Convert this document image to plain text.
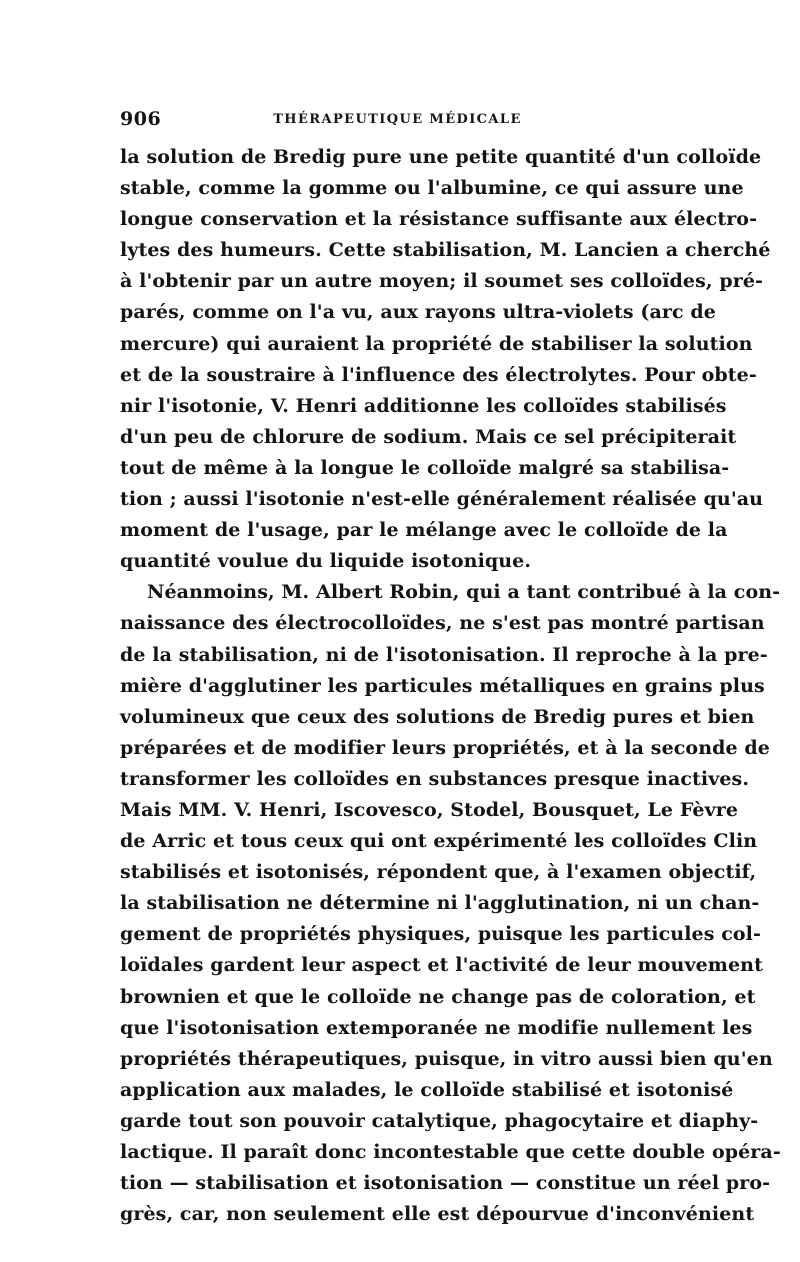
906	THÉRAPEUTIQUE MÉDICALE
la solution de Bredig pure une petite quantité d'un colloïde
stable, comme la gomme ou l'albumine, ce qui assure une
longue conservation et la résistance suffisante aux électro-
lytes des humeurs. Cette stabilisation, M. Lancien a cherché
à l'obtenir par un autre moyen; il soumet ses colloïdes, pré-
parés, comme on l'a vu, aux rayons ultra-violets (arc de
mercure) qui auraient la propriété de stabiliser la solution
et de la soustraire à l'influence des électrolytes. Pour obte-
nir l'isotonie, V. Henri additionne les colloïdes stabilisés
d'un peu de chlorure de sodium. Mais ce sel précipiterait
tout de même à la longue le colloïde malgré sa stabilisa-
tion ; aussi l'isotonie n'est-elle généralement réalisée qu'au
moment de l'usage, par le mélange avec le colloïde de la
quantité voulue du liquide isotonique.
Néanmoins, M. Albert Robin, qui a tant contribué à la con-
naissance des électrocolloïdes, ne s'est pas montré partisan
de la stabilisation, ni de l'isotonisation. Il reproche à la pre-
mière d'agglutiner les particules métalliques en grains plus
volumineux que ceux des solutions de Bredig pures et bien
préparées et de modifier leurs propriétés, et à la seconde de
transformer les colloïdes en substances presque inactives.
Mais MM. V. Henri, Iscovesco, Stodel, Bousquet, Le Fèvre
de Arric et tous ceux qui ont expérimenté les colloïdes Clin
stabilisés et isotonisés, répondent que, à l'examen objectif,
la stabilisation ne détermine ni l'agglutination, ni un chan-
gement de propriétés physiques, puisque les particules col-
loïdales gardent leur aspect et l'activité de leur mouvement
brownien et que le colloïde ne change pas de coloration, et
que l'isotonisation extemporanée ne modifie nullement les
propriétés thérapeutiques, puisque, in vitro aussi bien qu'en
application aux malades, le colloïde stabilisé et isotonisé
garde tout son pouvoir catalytique, phagocytaire et diaphy-
lactique. Il paraît donc incontestable que cette double opéra-
tion — stabilisation et isotonisation — constitue un réel pro-
grès, car, non seulement elle est dépourvue d'inconvénient
